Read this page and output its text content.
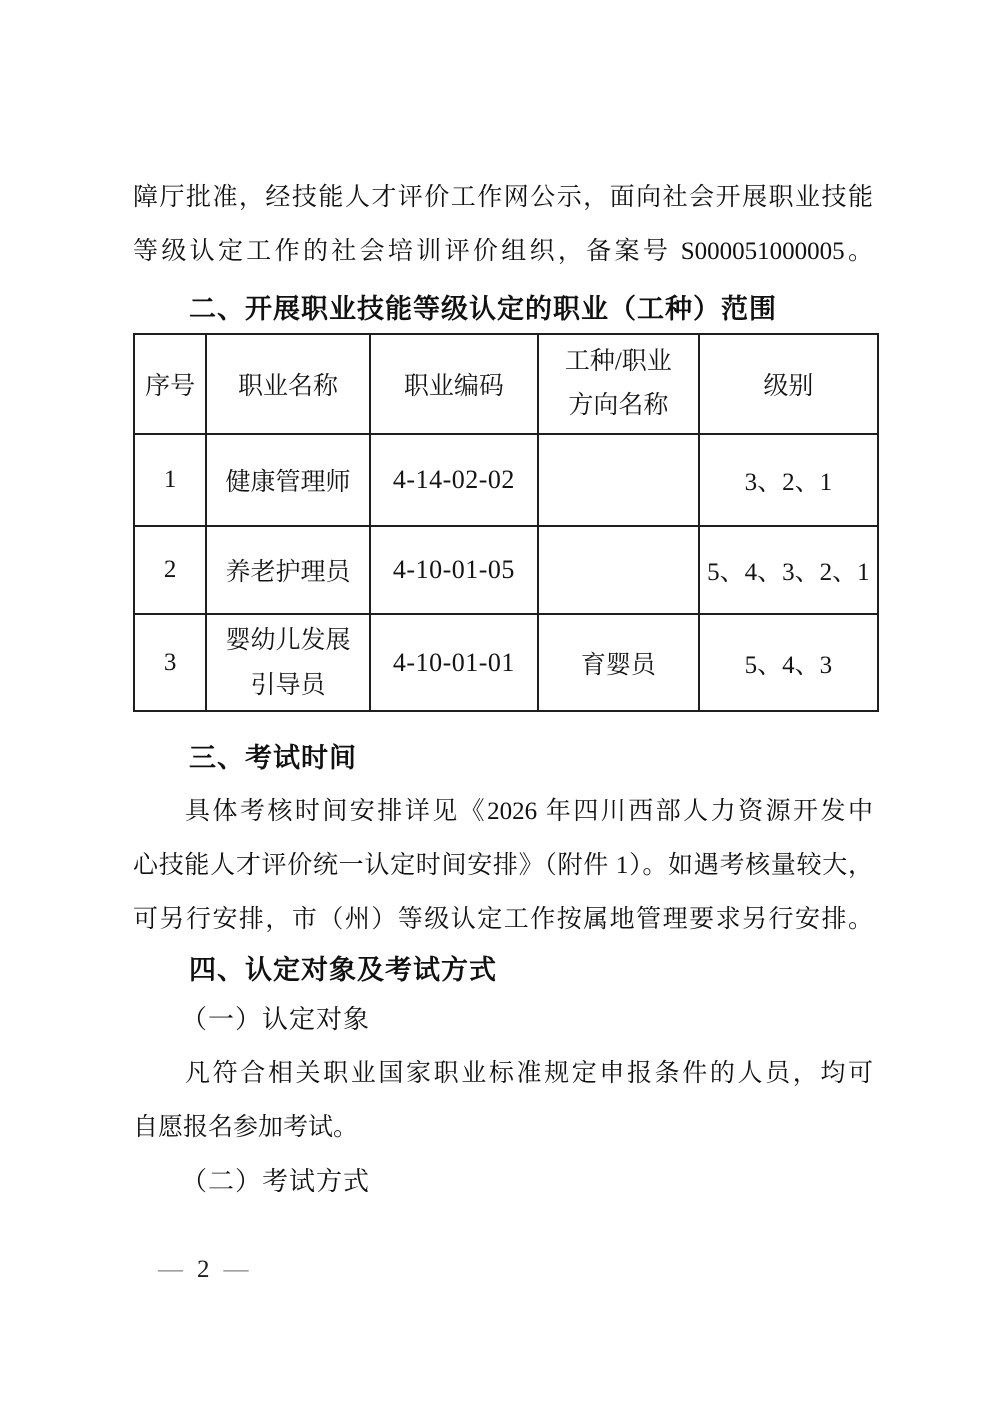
障厅批准，经技能人才评价工作网公示，面向社会开展职业技能
等级认定工作的社会培训评价组织，备案号 S000051000005。
二、开展职业技能等级认定的职业（工种）范围
序号	职业名称	职业编码	工种/职业
方向名称	级别
1	健康管理师	4-14-02-02		3、2、1
2	养老护理员	4-10-01-05		5、4、3、2、1
3	婴幼儿发展
引导员	4-10-01-01	育婴员	5、4、3
三、考试时间
具体考核时间安排详见《2026 年四川西部人力资源开发中
心技能人才评价统一认定时间安排》（附件 1）。如遇考核量较大，
可另行安排，市（州）等级认定工作按属地管理要求另行安排。
四、认定对象及考试方式
（一）认定对象
凡符合相关职业国家职业标准规定申报条件的人员，均可
自愿报名参加考试。
（二）考试方式
— 2 —
